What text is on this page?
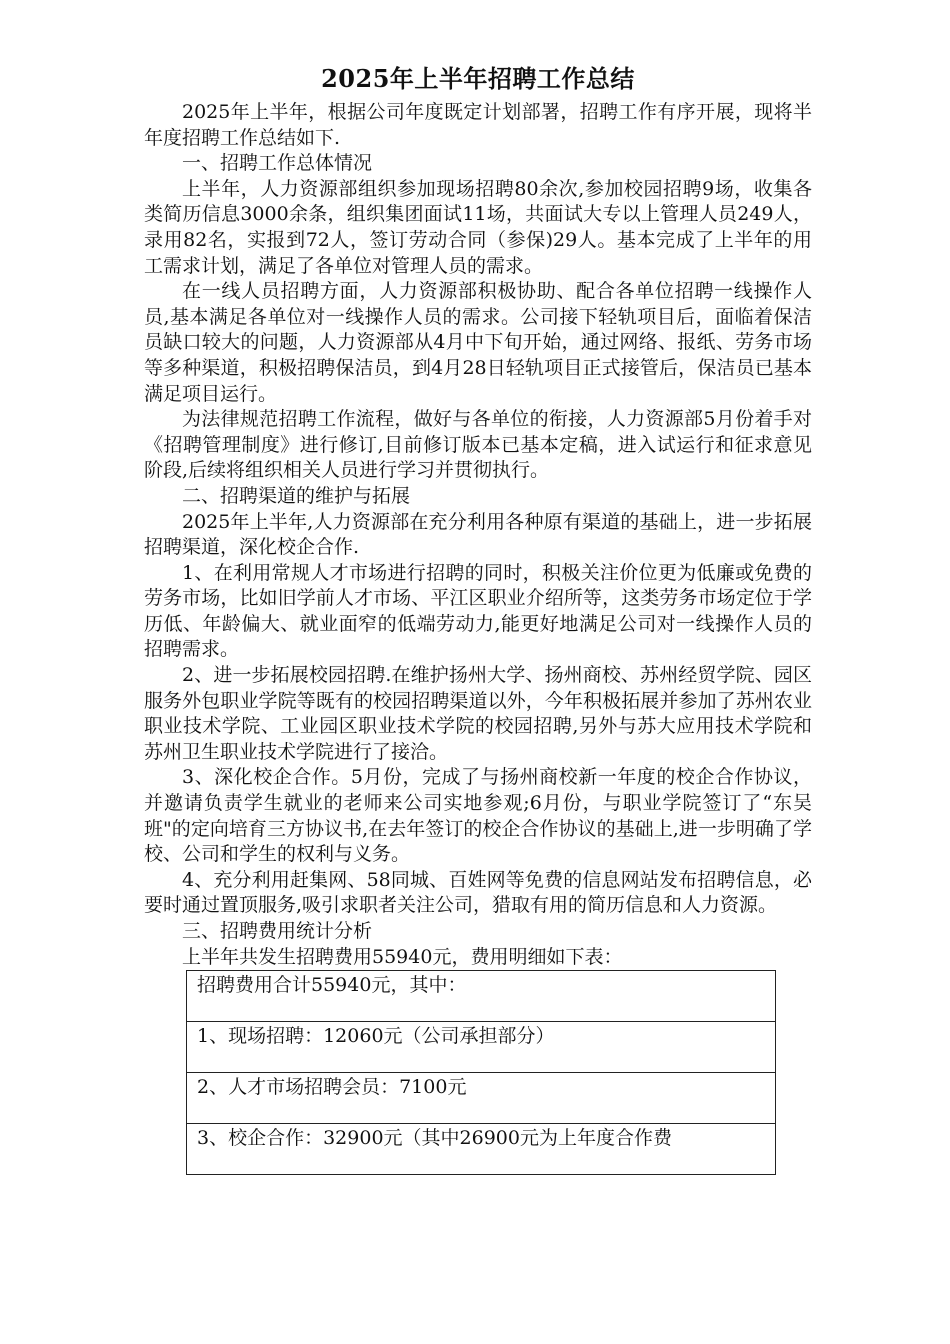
2025年上半年招聘工作总结

2025年上半年，根据公司年度既定计划部署，招聘工作有序开展，现将半年度招聘工作总结如下.

一、招聘工作总体情况

上半年，人力资源部组织参加现场招聘80余次,参加校园招聘9场，收集各类简历信息3000余条，组织集团面试11场，共面试大专以上管理人员249人，录用82名，实报到72人，签订劳动合同（参保)29人。基本完成了上半年的用工需求计划，满足了各单位对管理人员的需求。

在一线人员招聘方面，人力资源部积极协助、配合各单位招聘一线操作人员,基本满足各单位对一线操作人员的需求。公司接下轻轨项目后，面临着保洁员缺口较大的问题，人力资源部从4月中下旬开始，通过网络、报纸、劳务市场等多种渠道，积极招聘保洁员，到4月28日轻轨项目正式接管后，保洁员已基本满足项目运行。

为法律规范招聘工作流程，做好与各单位的衔接，人力资源部5月份着手对《招聘管理制度》进行修订,目前修订版本已基本定稿，进入试运行和征求意见阶段,后续将组织相关人员进行学习并贯彻执行。

二、招聘渠道的维护与拓展

2025年上半年,人力资源部在充分利用各种原有渠道的基础上，进一步拓展招聘渠道，深化校企合作.

1、在利用常规人才市场进行招聘的同时，积极关注价位更为低廉或免费的劳务市场，比如旧学前人才市场、平江区职业介绍所等，这类劳务市场定位于学历低、年龄偏大、就业面窄的低端劳动力,能更好地满足公司对一线操作人员的招聘需求。

2、进一步拓展校园招聘.在维护扬州大学、扬州商校、苏州经贸学院、园区服务外包职业学院等既有的校园招聘渠道以外，今年积极拓展并参加了苏州农业职业技术学院、工业园区职业技术学院的校园招聘,另外与苏大应用技术学院和苏州卫生职业技术学院进行了接洽。

3、深化校企合作。5月份，完成了与扬州商校新一年度的校企合作协议，并邀请负责学生就业的老师来公司实地参观;6月份，与职业学院签订了“东吴班"的定向培育三方协议书,在去年签订的校企合作协议的基础上,进一步明确了学校、公司和学生的权利与义务。

4、充分利用赶集网、58同城、百姓网等免费的信息网站发布招聘信息，必要时通过置顶服务,吸引求职者关注公司，猎取有用的简历信息和人力资源。

三、招聘费用统计分析

上半年共发生招聘费用55940元，费用明细如下表：

招聘费用合计55940元，其中：
1、现场招聘：12060元（公司承担部分）
2、人才市场招聘会员：7100元
3、校企合作：32900元（其中26900元为上年度合作费
